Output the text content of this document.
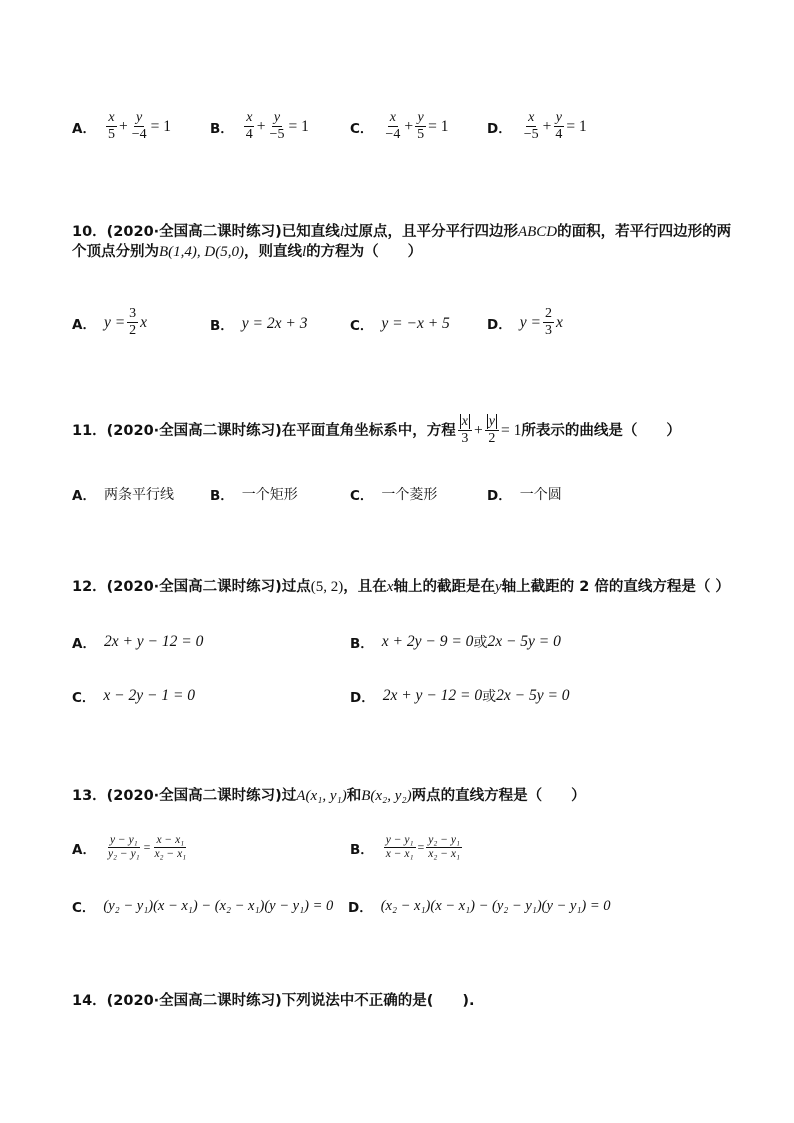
A． $\frac{x}{5} + \frac{y}{-4} = 1$	B． $\frac{x}{4} + \frac{y}{-5} = 1$	C． $\frac{x}{-4} + \frac{y}{5} = 1$	D． $\frac{x}{-5} + \frac{y}{4} = 1$
10．(2020·全国高二课时练习)已知直线l过原点，且平分平行四边形ABCD的面积，若平行四边形的两
个顶点分别为B(1,4), D(5,0)，则直线l的方程为（　　）
A． $y = \frac{3}{2}$ x	B． y = 2x + 3	C． y = −x + 5	D． $y = \frac{2}{3}$ x
11．(2020·全国高二课时练习)在平面直角坐标系中，方程 $\frac{x}{3} + \frac{y}{2} = 1$ 所表示的曲线是（　　）
A． 两条平行线	B． 一个矩形	C． 一个菱形	D． 一个圆
12．(2020·全国高二课时练习)过点(5, 2)，且在x轴上的截距是在y轴上截距的 2 倍的直线方程是（ ）
A． 2x + y − 12 = 0	B． x + 2y − 9 = 0 或 2x − 5y = 0
C． x − 2y − 1 = 0	D． 2x + y − 12 = 0 或 2x − 5y = 0
13．(2020·全国高二课时练习)过A(x₁, y₁)和B(x₂, y₂)两点的直线方程是（　　）
A． $\frac{\text{y − y₁}}{\text{y₂ − y₁}} = \frac{\text{x − x₁}}{\text{x₂ − x₁}}$	B． $\frac{\text{y − y₁}}{\text{x − x₁}} = \frac{\text{y₂ − y₁}}{\text{x₂ − x₁}}$
C． (y₂ − y₁)(x − x₁) − (x₂ − x₁)(y − y₁) = 0 D． (x₂ − x₁)(x − x₁) − (y₂ − y₁)(y − y₁) = 0
14．(2020·全国高二课时练习)下列说法中不正确的是(　　).
